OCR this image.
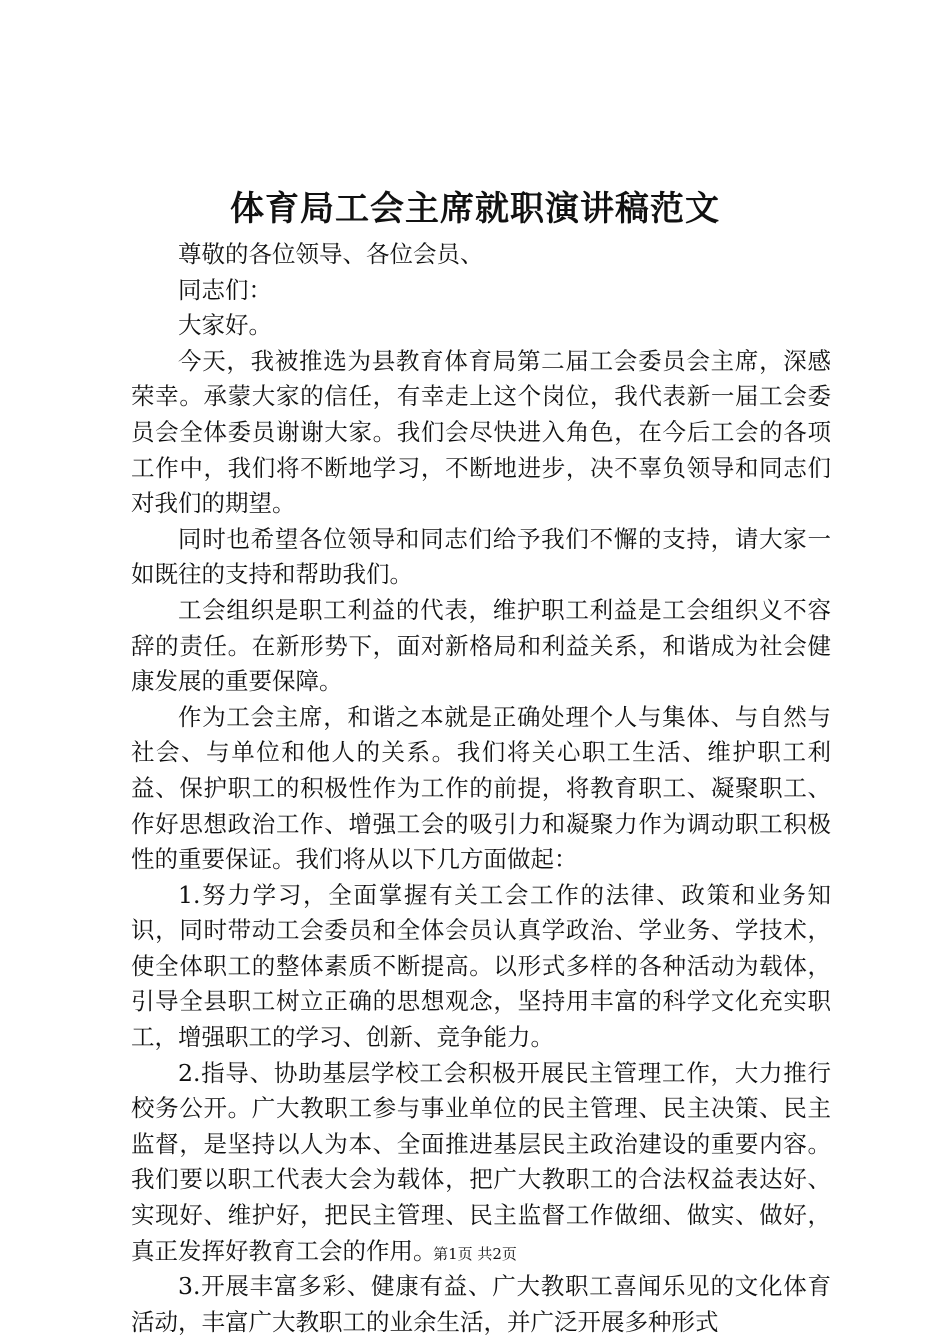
体育局工会主席就职演讲稿范文

尊敬的各位领导、各位会员、

同志们：

大家好。

今天，我被推选为县教育体育局第二届工会委员会主席，深感荣幸。承蒙大家的信任，有幸走上这个岗位，我代表新一届工会委员会全体委员谢谢大家。我们会尽快进入角色，在今后工会的各项工作中，我们将不断地学习，不断地进步，决不辜负领导和同志们对我们的期望。

同时也希望各位领导和同志们给予我们不懈的支持，请大家一如既往的支持和帮助我们。

工会组织是职工利益的代表，维护职工利益是工会组织义不容辞的责任。在新形势下，面对新格局和利益关系，和谐成为社会健康发展的重要保障。

作为工会主席，和谐之本就是正确处理个人与集体、与自然与社会、与单位和他人的关系。我们将关心职工生活、维护职工利益、保护职工的积极性作为工作的前提，将教育职工、凝聚职工、作好思想政治工作、增强工会的吸引力和凝聚力作为调动职工积极性的重要保证。我们将从以下几方面做起：

1.努力学习，全面掌握有关工会工作的法律、政策和业务知识，同时带动工会委员和全体会员认真学政治、学业务、学技术，使全体职工的整体素质不断提高。以形式多样的各种活动为载体，引导全县职工树立正确的思想观念，坚持用丰富的科学文化充实职工，增强职工的学习、创新、竞争能力。

2.指导、协助基层学校工会积极开展民主管理工作，大力推行校务公开。广大教职工参与事业单位的民主管理、民主决策、民主监督，是坚持以人为本、全面推进基层民主政治建设的重要内容。我们要以职工代表大会为载体，把广大教职工的合法权益表达好、实现好、维护好，把民主管理、民主监督工作做细、做实、做好，真正发挥好教育工会的作用。

3.开展丰富多彩、健康有益、广大教职工喜闻乐见的文化体育活动，丰富广大教职工的业余生活，并广泛开展多种形式

第1页 共2页
